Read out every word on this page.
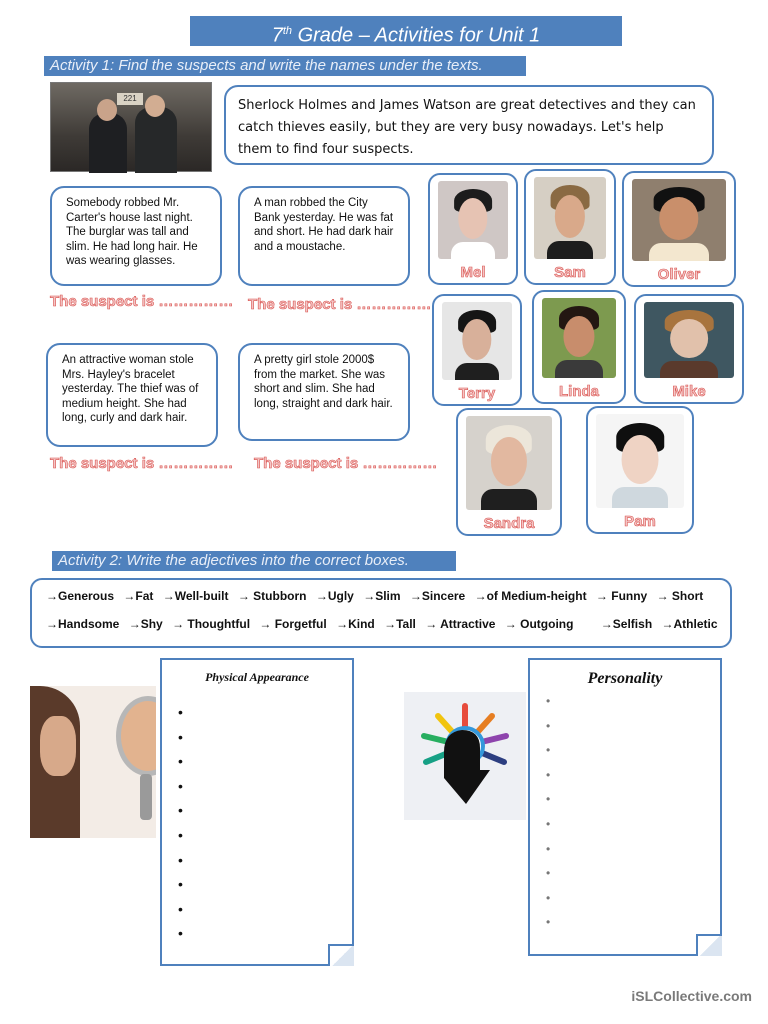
7th Grade – Activities for Unit 1
Activity 1: Find the suspects and write the names under the texts.
221	Sherlock Holmes and James Watson are great detectives and they can catch thieves easily, but they are very busy nowadays. Let's help them to find four suspects.
Somebody robbed Mr. Carter's house last night. The burglar was tall and slim. He had long hair. He was wearing glasses.
A man robbed the City Bank yesterday. He was fat and short. He had dark hair and a moustache.
An attractive woman stole Mrs. Hayley's bracelet yesterday. The thief was of medium height. She had long, curly and dark hair.
A pretty girl stole 2000$ from the market. She was short and slim. She had long, straight and dark hair.
The suspect is …………… The suspect is ……………
The suspect is …………… The suspect is ……………
Mel	Sam	Oliver
Terry	Linda	Mike
Sandra	Pam
Activity 2: Write the adjectives into the correct boxes.
→Generous →Fat →Well-built → Stubborn →Ugly →Slim →Sincere →of Medium-height → Funny → Short
→Handsome →Shy → Thoughtful → Forgetful →Kind →Tall → Attractive → Outgoing →Selfish →Athletic
Physical Appearance
•
•
•
•
•
•
•
•
•
•
Personality
•
•
•
•
•
•
•
•
•
•
iSLCollective.com
